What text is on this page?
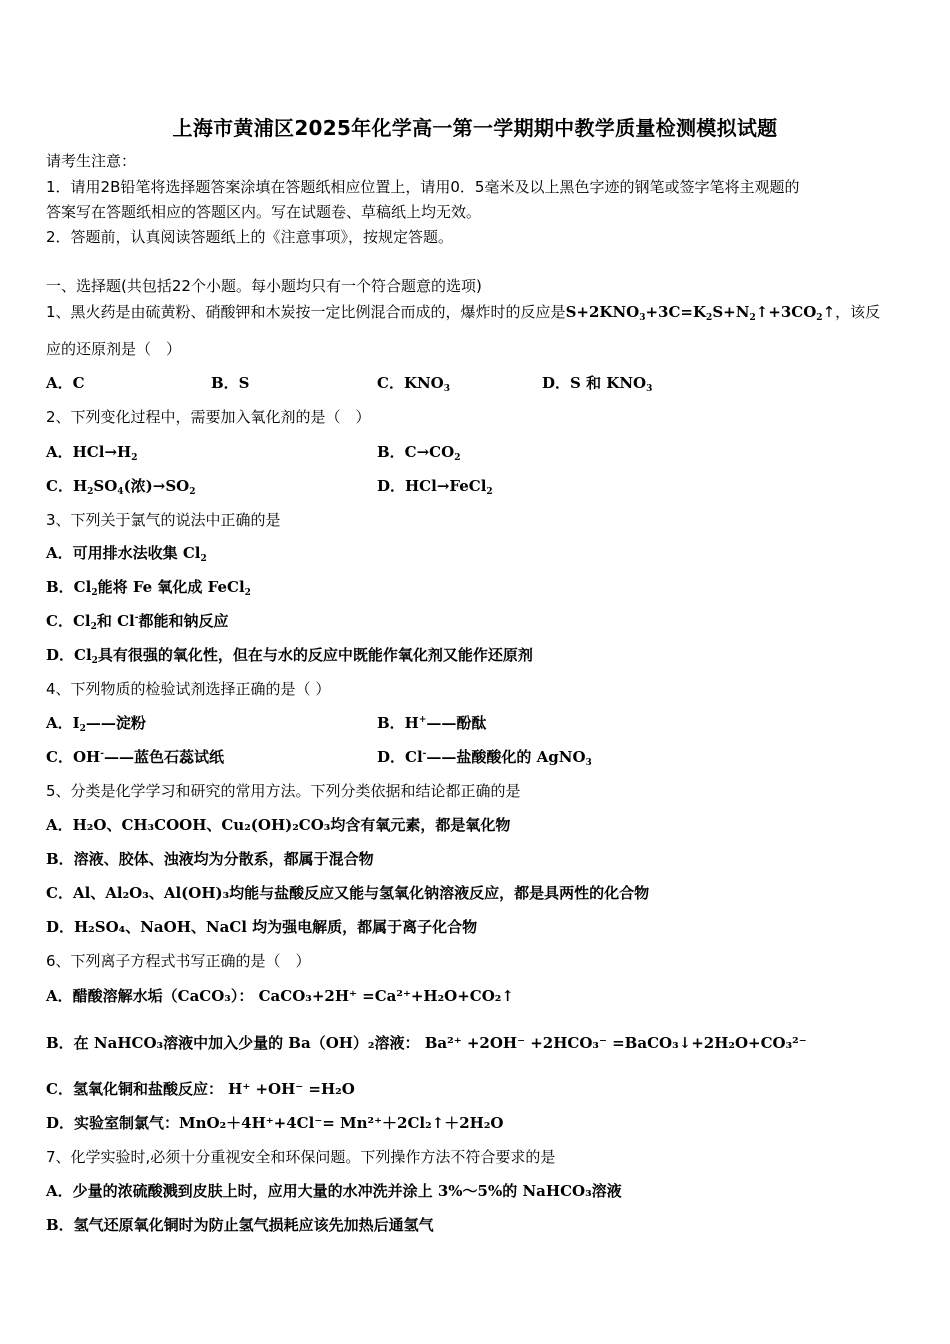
上海市黄浦区2025年化学高一第一学期期中教学质量检测模拟试题
请考生注意：
1．请用2B铅笔将选择题答案涂填在答题纸相应位置上，请用0．5毫米及以上黑色字迹的钢笔或签字笔将主观题的
答案写在答题纸相应的答题区内。写在试题卷、草稿纸上均无效。
2．答题前，认真阅读答题纸上的《注意事项》，按规定答题。
一、选择题(共包括22个小题。每小题均只有一个符合题意的选项)
1、黑火药是由硫黄粉、硝酸钾和木炭按一定比例混合而成的，爆炸时的反应是$S+2KNO_3+3C=K_2S+N_2↑+3CO_2↑$，该反
应的还原剂是（　）
A．C	B．S	C．$KNO_3$	D．S 和 $KNO_3$
2、下列变化过程中，需要加入氧化剂的是（　）
A．$HCl\to H_2$	B．$C\to CO_2$
C．$H_2SO_4$(浓)$\to SO_2$	D．HCl→FeCl$_2$
3、下列关于氯气的说法中正确的是
A．可用排水法收集 $Cl_2$
B．$Cl_2$能将 Fe 氧化成 FeCl$_2$
C．$Cl_2$和 Cl-都能和钠反应
D．$Cl_2$具有很强的氧化性，但在与水的反应中既能作氧化剂又能作还原剂
4、下列物质的检验试剂选择正确的是（ ）
A．$I_2——$淀粉	B．H+——酚酞
C．OH-——蓝色石蕊试纸	D．Cl-——盐酸酸化的 AgNO$_3$
5、分类是化学学习和研究的常用方法。下列分类依据和结论都正确的是
A．H₂O、CH₃COOH、Cu₂(OH)₂CO₃均含有氧元素，都是氧化物
B．溶液、胶体、浊液均为分散系，都属于混合物
C．Al、Al₂O₃、Al(OH)₃均能与盐酸反应又能与氢氧化钠溶液反应，都是具两性的化合物
D．H₂SO₄、NaOH、NaCl 均为强电解质，都属于离子化合物
6、下列离子方程式书写正确的是（　）
A．醋酸溶解水垢（CaCO₃）： CaCO₃+2H⁺ =Ca²⁺+H₂O+CO₂↑
B．在 NaHCO₃溶液中加入少量的 Ba（OH）₂溶液： Ba²⁺ +2OH⁻ +2HCO₃⁻ =BaCO₃↓+2H₂O+CO₃²⁻
C．氢氧化铜和盐酸反应： H⁺ +OH⁻ =H₂O
D．实验室制氯气：MnO₂＋4H⁺+4Cl⁻= Mn²⁺＋2Cl₂↑＋2H₂O
7、化学实验时,必须十分重视安全和环保问题。下列操作方法不符合要求的是
A．少量的浓硫酸溅到皮肤上时，应用大量的水冲洗并涂上 3%～5%的 NaHCO₃溶液
B．氢气还原氧化铜时为防止氢气损耗应该先加热后通氢气
